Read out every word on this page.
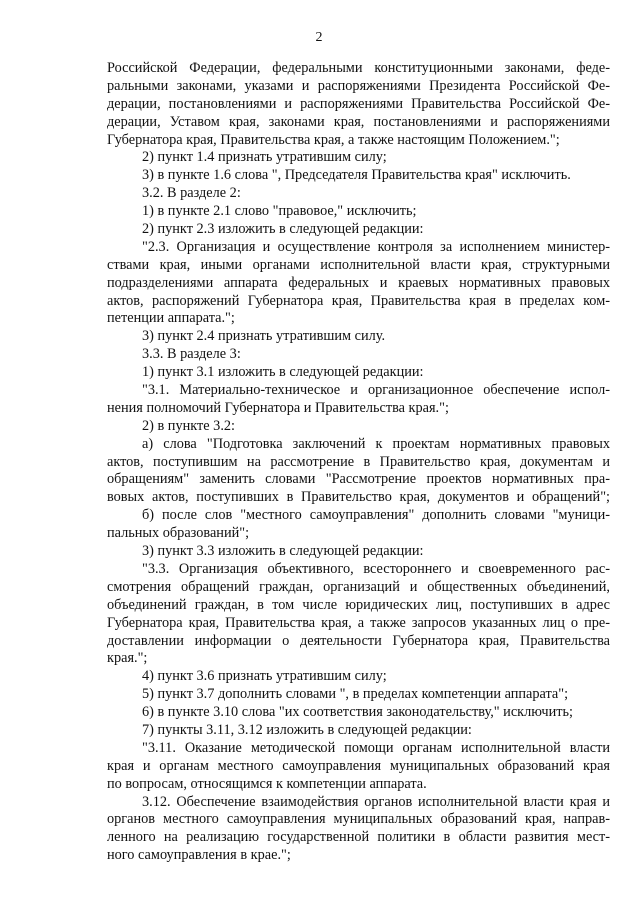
2
Российской Федерации, федеральными конституционными законами, феде-
ральными законами, указами и распоряжениями Президента Российской Фе-
дерации, постановлениями и распоряжениями Правительства Российской Фе-
дерации, Уставом края, законами края, постановлениями и распоряжениями
Губернатора края, Правительства края, а также настоящим Положением.";
2) пункт 1.4 признать утратившим силу;
3) в пункте 1.6 слова ", Председателя Правительства края" исключить.
3.2. В разделе 2:
1) в пункте 2.1 слово "правовое," исключить;
2) пункт 2.3 изложить в следующей редакции:
"2.3. Организация и осуществление контроля за исполнением министер-
ствами края, иными органами исполнительной власти края, структурными
подразделениями аппарата федеральных и краевых нормативных правовых
актов, распоряжений Губернатора края, Правительства края в пределах ком-
петенции аппарата.";
3) пункт 2.4 признать утратившим силу.
3.3. В разделе 3:
1) пункт 3.1 изложить в следующей редакции:
"3.1. Материально-техническое и организационное обеспечение испол-
нения полномочий Губернатора и Правительства края.";
2) в пункте 3.2:
а) слова "Подготовка заключений к проектам нормативных правовых
актов, поступившим на рассмотрение в Правительство края, документам и
обращениям" заменить словами "Рассмотрение проектов нормативных пра-
вовых актов, поступивших в Правительство края, документов и обращений";
б) после слов "местного самоуправления" дополнить словами "муници-
пальных образований";
3) пункт 3.3 изложить в следующей редакции:
"3.3. Организация объективного, всестороннего и своевременного рас-
смотрения обращений граждан, организаций и общественных объединений,
объединений граждан, в том числе юридических лиц, поступивших в адрес
Губернатора края, Правительства края, а также запросов указанных лиц о пре-
доставлении информации о деятельности Губернатора края, Правительства
края.";
4) пункт 3.6 признать утратившим силу;
5) пункт 3.7 дополнить словами ", в пределах компетенции аппарата";
6) в пункте 3.10 слова "их соответствия законодательству," исключить;
7) пункты 3.11, 3.12 изложить в следующей редакции:
"3.11. Оказание методической помощи органам исполнительной власти
края и органам местного самоуправления муниципальных образований края
по вопросам, относящимся к компетенции аппарата.
3.12. Обеспечение взаимодействия органов исполнительной власти края и
органов местного самоуправления муниципальных образований края, направ-
ленного на реализацию государственной политики в области развития мест-
ного самоуправления в крае.";
